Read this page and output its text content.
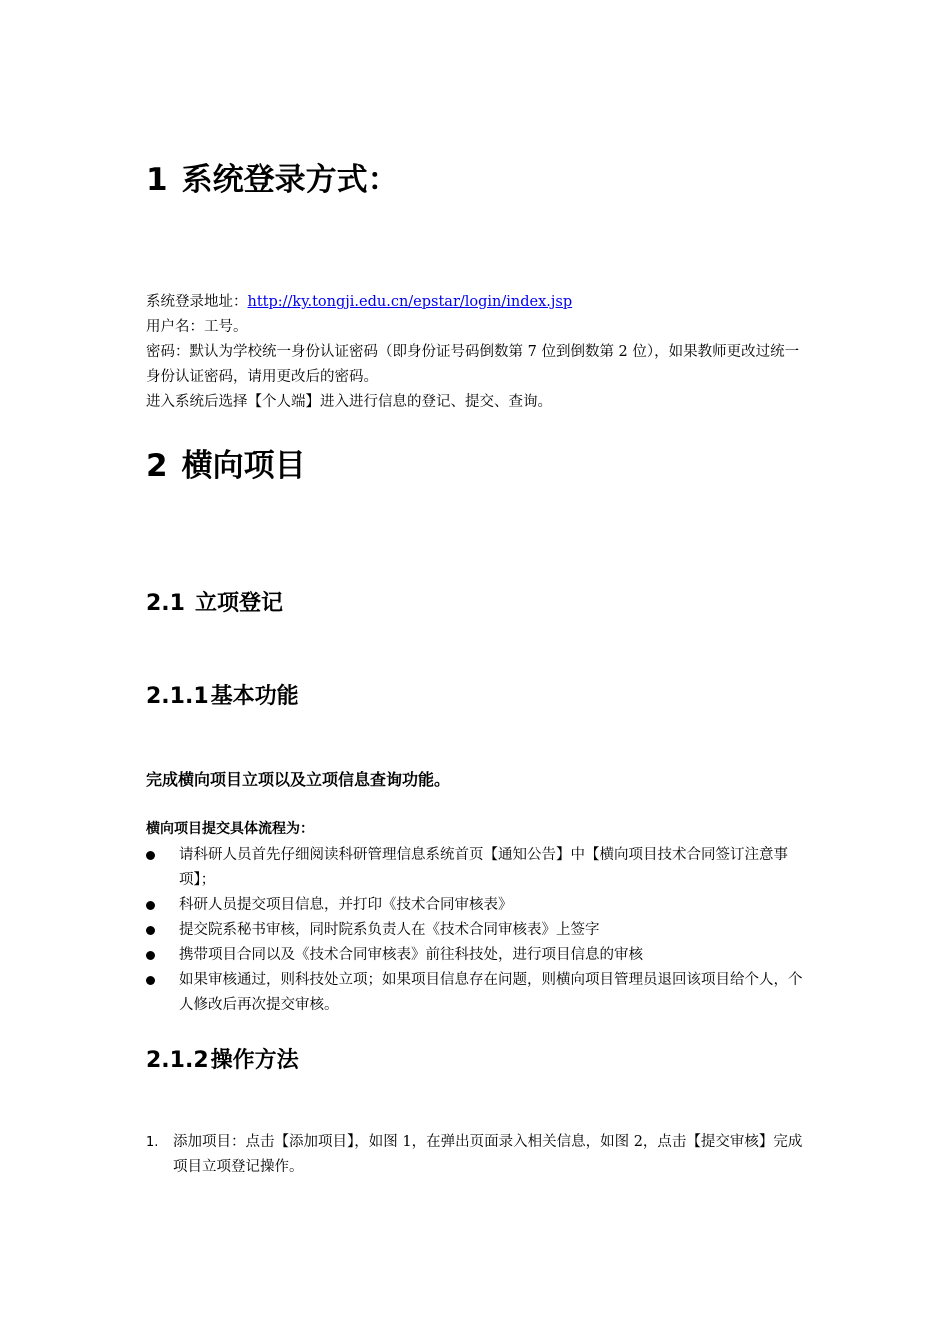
1 系统登录方式：

系统登录地址：http://ky.tongji.edu.cn/epstar/login/index.jsp

用户名：工号。

密码：默认为学校统一身份认证密码（即身份证号码倒数第 7 位到倒数第 2 位），如果教师更改过统一身份认证密码，请用更改后的密码。

进入系统后选择【个人端】进入进行信息的登记、提交、查询。

2 横向项目
2.1 立项登记
2.1.1基本功能

完成横向项目立项以及立项信息查询功能。

横向项目提交具体流程为：

请科研人员首先仔细阅读科研管理信息系统首页【通知公告】中【横向项目技术合同签订注意事项】；
科研人员提交项目信息，并打印《技术合同审核表》
提交院系秘书审核，同时院系负责人在《技术合同审核表》上签字
携带项目合同以及《技术合同审核表》前往科技处，进行项目信息的审核
如果审核通过，则科技处立项；如果项目信息存在问题，则横向项目管理员退回该项目给个人，个人修改后再次提交审核。
2.1.2操作方法
1.	添加项目：点击【添加项目】，如图 1，在弹出页面录入相关信息，如图 2，点击【提交审核】完成项目立项登记操作。
